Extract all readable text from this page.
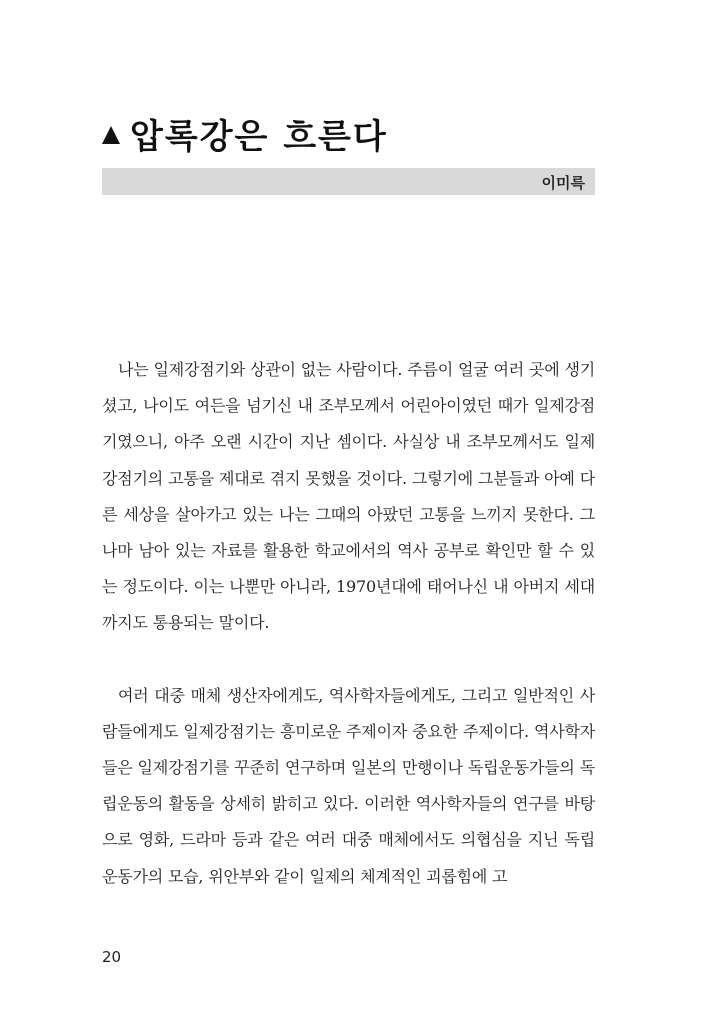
압록강은 흐른다
이미륵

나는 일제강점기와 상관이 없는 사람이다. 주름이 얼굴 여러 곳에 생기셨고, 나이도 여든을 넘기신 내 조부모께서 어린아이였던 때가 일제강점기였으니, 아주 오랜 시간이 지난 셈이다. 사실상 내 조부모께서도 일제강점기의 고통을 제대로 겪지 못했을 것이다. 그렇기에 그분들과 아예 다른 세상을 살아가고 있는 나는 그때의 아팠던 고통을 느끼지 못한다. 그나마 남아 있는 자료를 활용한 학교에서의 역사 공부로 확인만 할 수 있는 정도이다. 이는 나뿐만 아니라, 1970년대에 태어나신 내 아버지 세대까지도 통용되는 말이다.

여러 대중 매체 생산자에게도, 역사학자들에게도, 그리고 일반적인 사람들에게도 일제강점기는 흥미로운 주제이자 중요한 주제이다. 역사학자들은 일제강점기를 꾸준히 연구하며 일본의 만행이나 독립운동가들의 독립운동의 활동을 상세히 밝히고 있다. 이러한 역사학자들의 연구를 바탕으로 영화, 드라마 등과 같은 여러 대중 매체에서도 의협심을 지닌 독립운동가의 모습, 위안부와 같이 일제의 체계적인 괴롭힘에 고

20
